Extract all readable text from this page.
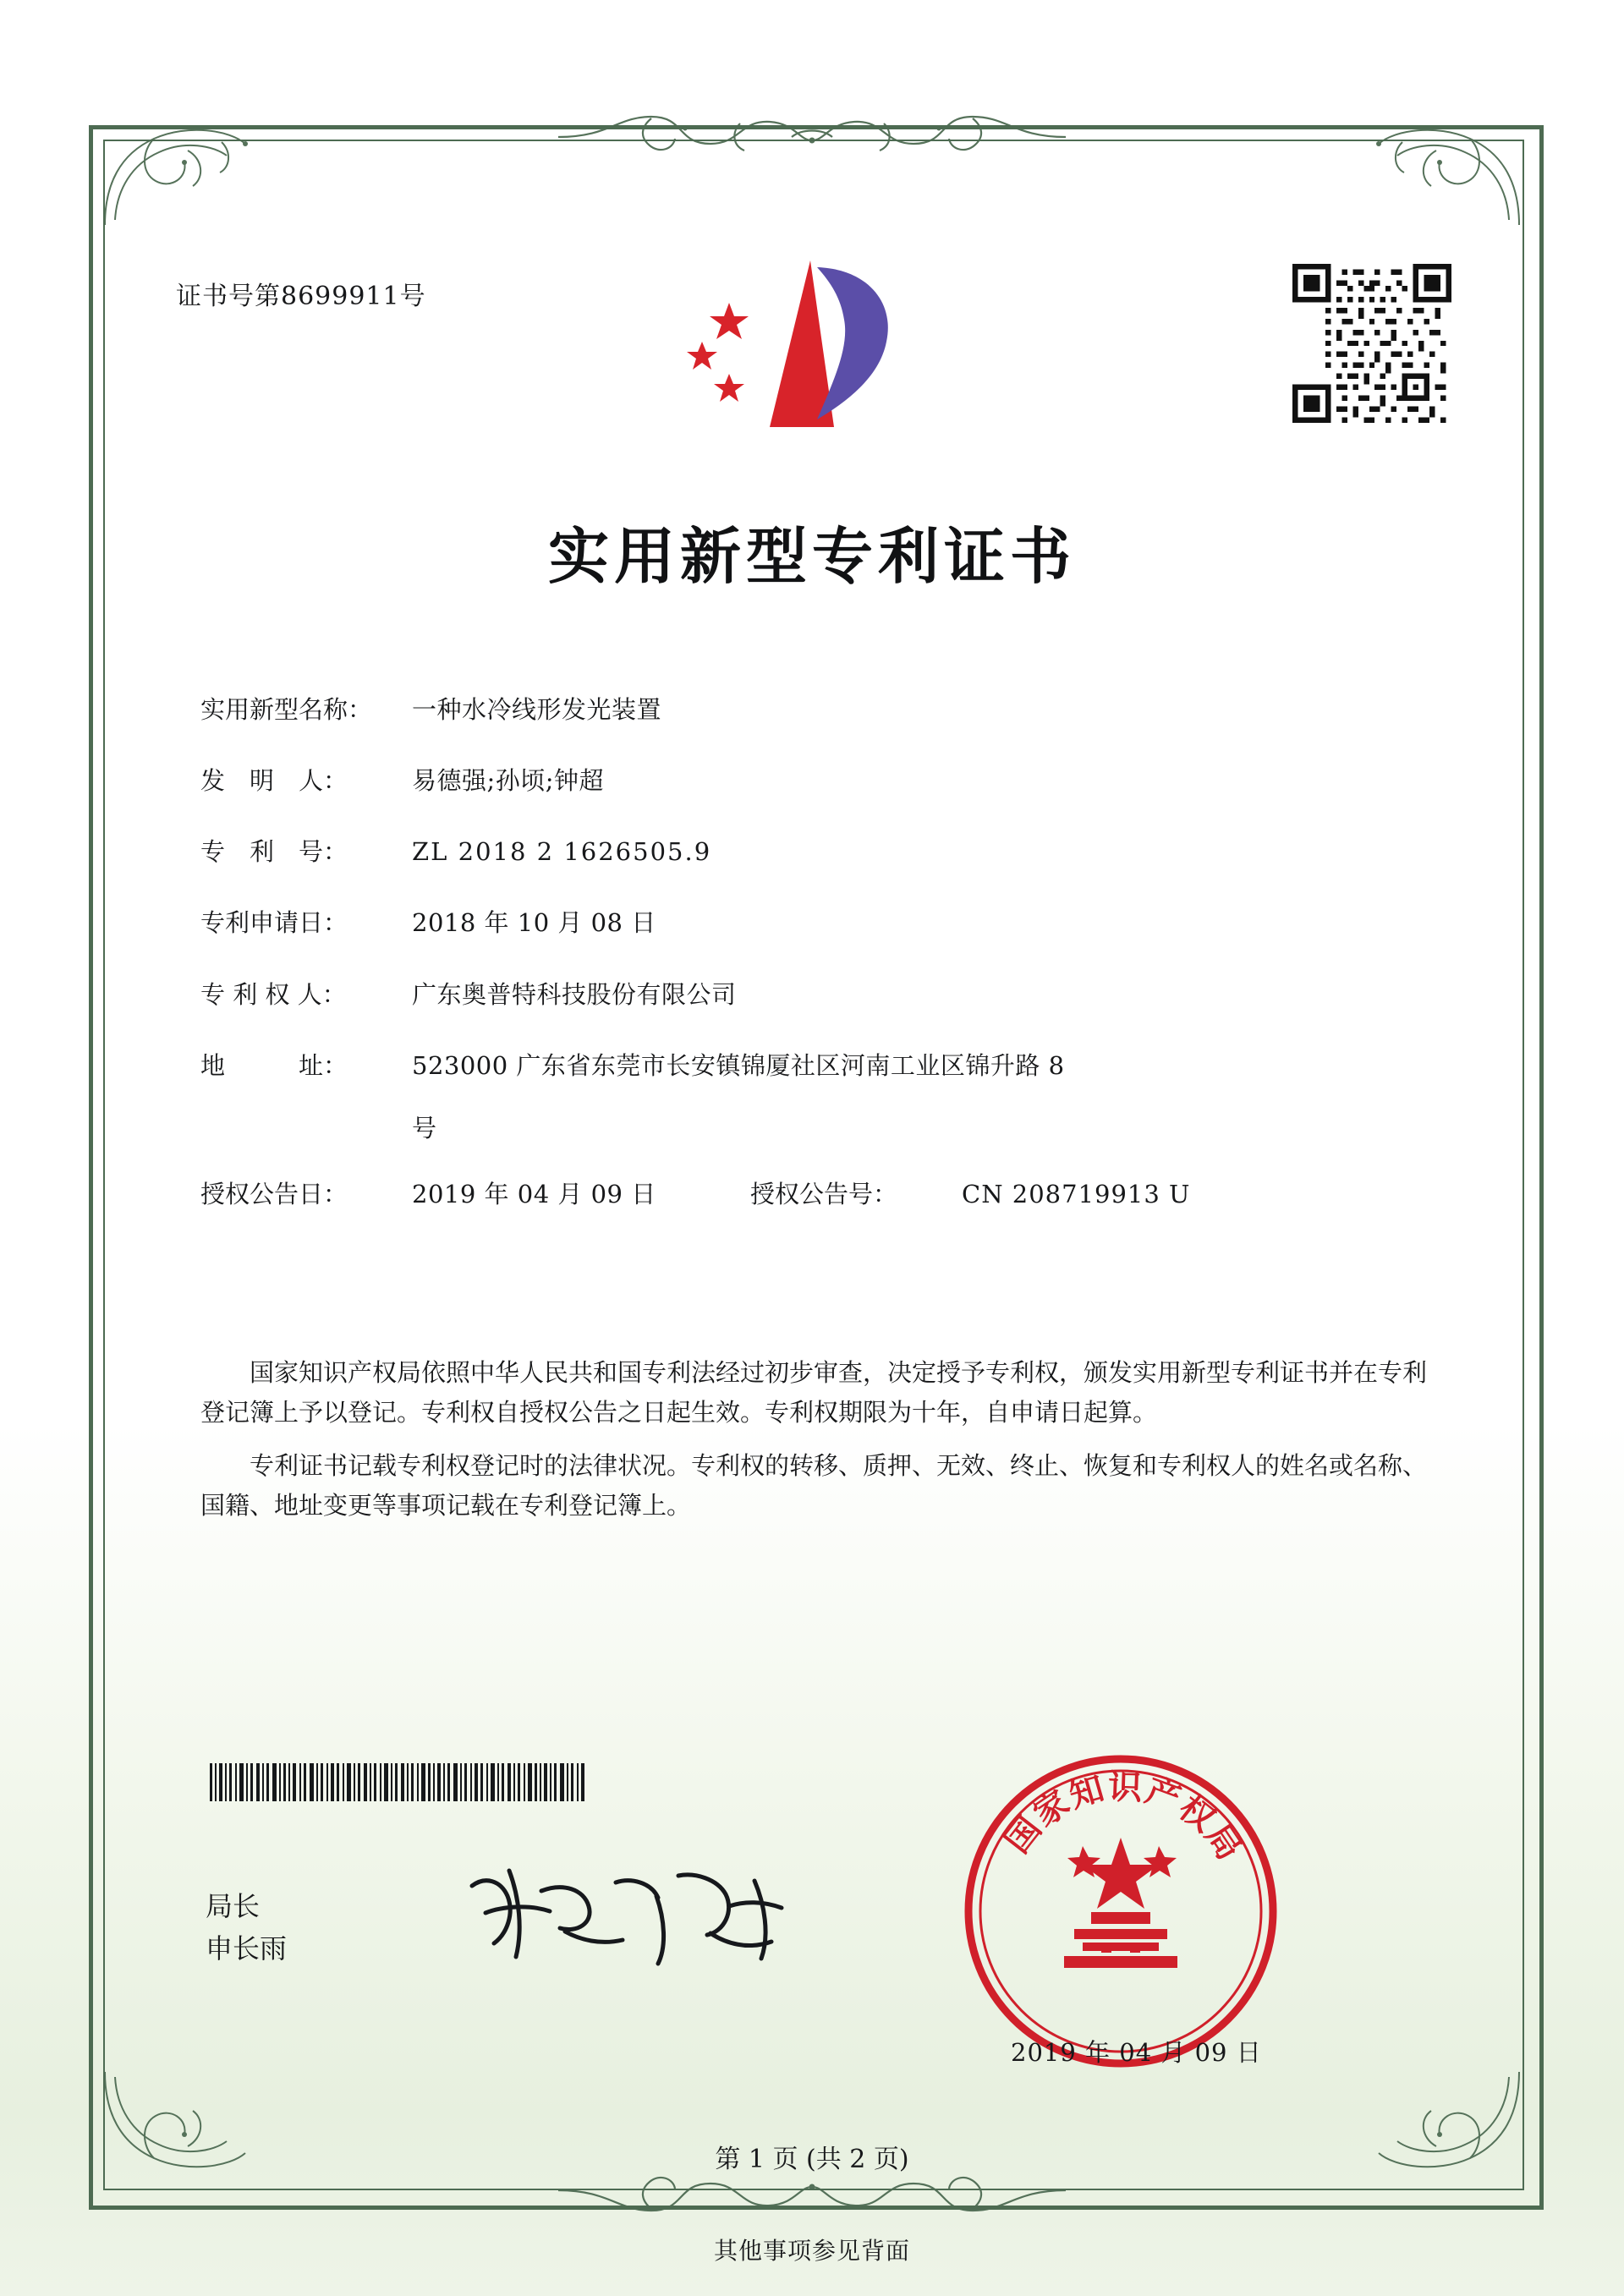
证书号第8699911号
实用新型专利证书
实用新型名称：	一种水冷线形发光装置
发　明　人：	易德强;孙顷;钟超
专　利　号：	ZL 2018 2 1626505.9
专利申请日：	2018 年 10 月 08 日
专 利 权 人：	广东奥普特科技股份有限公司
地　　　址：	523000 广东省东莞市长安镇锦厦社区河南工业区锦升路 8
号
授权公告日：	2019 年 04 月 09 日	授权公告号：	CN 208719913 U

国家知识产权局依照中华人民共和国专利法经过初步审查，决定授予专利权，颁发实用新型专利证书并在专利登记簿上予以登记。专利权自授权公告之日起生效。专利权期限为十年，自申请日起算。

专利证书记载专利权登记时的法律状况。专利权的转移、质押、无效、终止、恢复和专利权人的姓名或名称、国籍、地址变更等事项记载在专利登记簿上。

局长
申长雨
国
家
知
识
产
权
局
2019 年 04 月 09 日
第 1 页 (共 2 页)
其他事项参见背面
